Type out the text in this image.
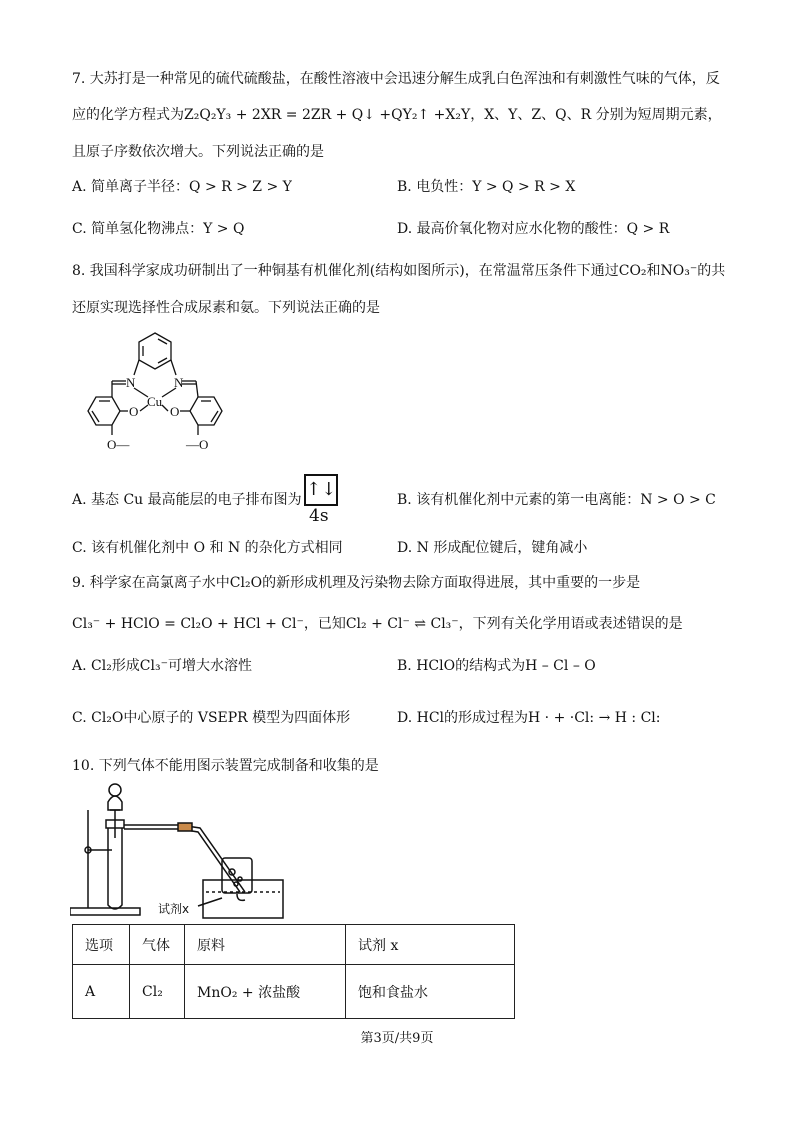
7. 大苏打是一种常见的硫代硫酸盐，在酸性溶液中会迅速分解生成乳白色浑浊和有刺激性气味的气体，反
应的化学方程式为Z₂Q₂Y₃ + 2XR = 2ZR + Q↓ +QY₂↑ +X₂Y，X、Y、Z、Q、R 分别为短周期元素，
且原子序数依次增大。下列说法正确的是
A. 简单离子半径：Q > R > Z > Y	B. 电负性：Y > Q > R > X
C. 简单氢化物沸点：Y > Q	D. 最高价氧化物对应水化物的酸性：Q > R
8. 我国科学家成功研制出了一种铜基有机催化剂(结构如图所示)，在常温常压条件下通过CO₂和NO₃⁻的共
还原实现选择性合成尿素和氨。下列说法正确的是
N	N
Cu
O O
O—	—O
A. 基态 Cu 最高能层的电子排布图为 ↑↓
4s
B. 该有机催化剂中元素的第一电离能：N > O > C
C. 该有机催化剂中 O 和 N 的杂化方式相同	D. N 形成配位键后，键角减小
9. 科学家在高氯离子水中Cl₂O的新形成机理及污染物去除方面取得进展，其中重要的一步是
Cl₃⁻ + HClO = Cl₂O + HCl + Cl⁻，已知Cl₂ + Cl⁻ ⇌ Cl₃⁻，下列有关化学用语或表述错误的是
A. Cl₂形成Cl₃⁻可增大水溶性	B. HClO的结构式为H – Cl – O
C. Cl₂O中心原子的 VSEPR 模型为四面体形	D. HCl的形成过程为H · + ·Cl: → H : Cl:
10. 下列气体不能用图示装置完成制备和收集的是
试剂x
选项	气体	原料	试剂 x
A	Cl₂	MnO₂ + 浓盐酸	饱和食盐水
第3页/共9页
